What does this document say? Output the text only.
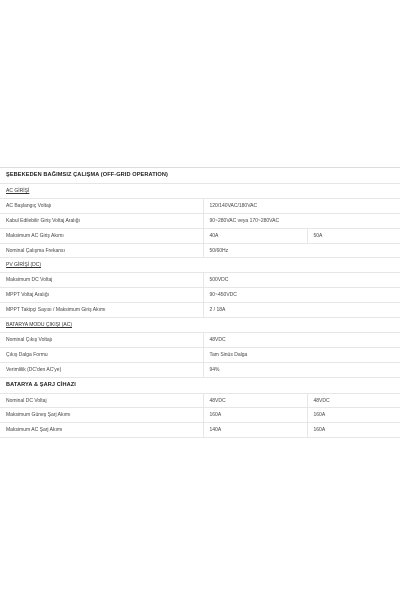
ŞEBEKEDEN BAĞIMSIZ ÇALIŞMA (OFF-GRID OPERATION)		
AC GİRİŞİ		
AC Başlangıç Voltajı	120/140VAC/180VAC	
Kabul Edilebilir Giriş Voltaj Aralığı	90~280VAC veya 170~280VAC	
Maksimum AC Giriş Akımı	40A	50A
Nominal Çalışma Frekansı	50/60Hz	
PV GİRİŞİ (DC)		
Maksimum DC Voltaj	500VDC	
MPPT Voltaj Aralığı	90~450VDC	
MPPT Takipçi Sayısı / Maksimum Giriş Akımı	2 / 18A	
BATARYA MODU ÇIKIŞI (AC)		
Nominal Çıkış Voltajı	48VDC	
Çıkış Dalga Formu	Tam Sinüs Dalga	
Verimlilik (DC'den AC'ye)	94%	
BATARYA & ŞARJ CİHAZI		
Nominal DC Voltaj	48VDC	48VDC
Maksimum Güneş Şarj Akımı	160A	160A
Maksimum AC Şarj Akımı	140A	160A
